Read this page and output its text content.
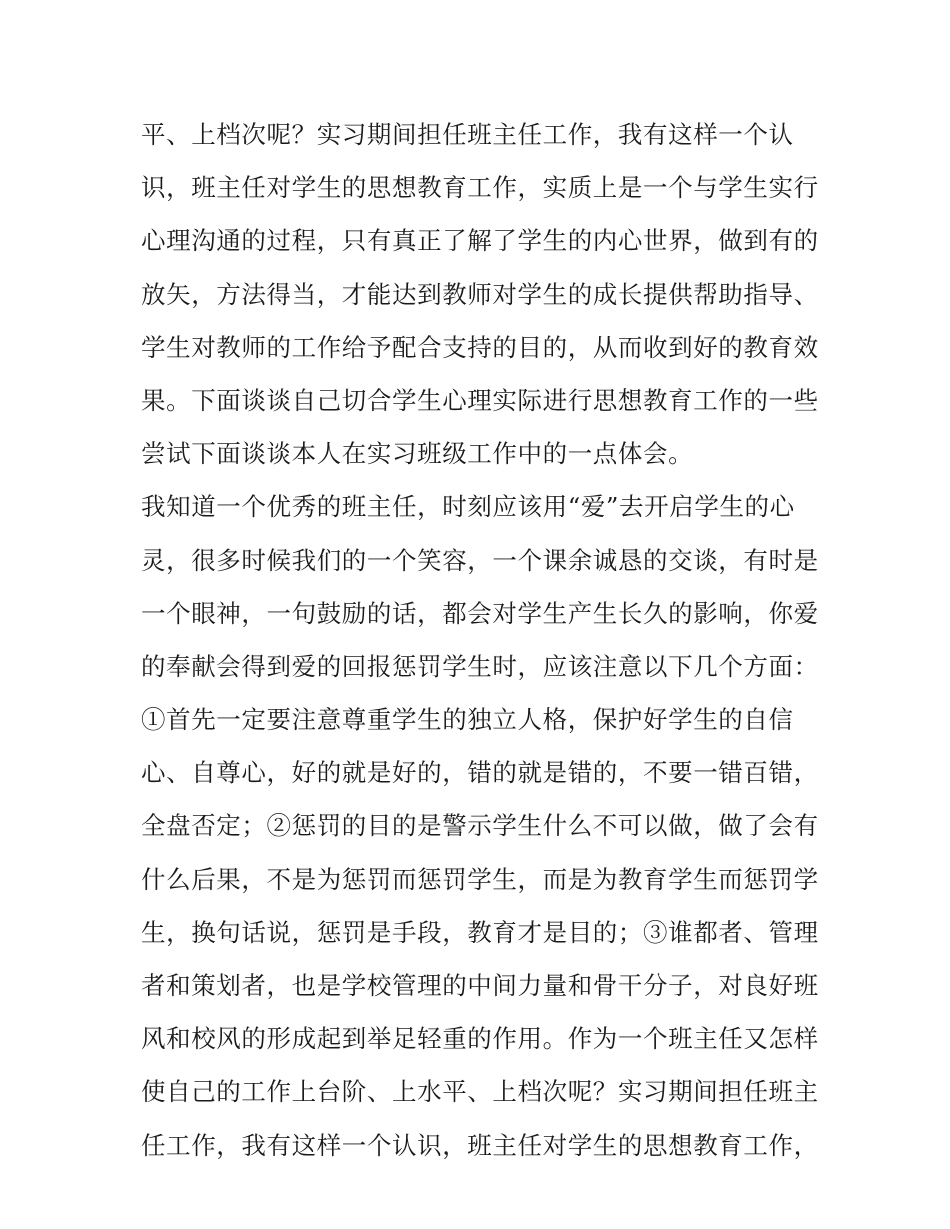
平、上档次呢？实习期间担任班主任工作，我有这样一个认
识，班主任对学生的思想教育工作，实质上是一个与学生实行
心理沟通的过程，只有真正了解了学生的内心世界，做到有的
放矢，方法得当，才能达到教师对学生的成长提供帮助指导、
学生对教师的工作给予配合支持的目的，从而收到好的教育效
果。下面谈谈自己切合学生心理实际进行思想教育工作的一些
尝试下面谈谈本人在实习班级工作中的一点体会。
我知道一个优秀的班主任，时刻应该用“爱”去开启学生的心
灵，很多时候我们的一个笑容，一个课余诚恳的交谈，有时是
一个眼神，一句鼓励的话，都会对学生产生长久的影响，你爱
的奉献会得到爱的回报惩罚学生时，应该注意以下几个方面：
①首先一定要注意尊重学生的独立人格，保护好学生的自信
心、自尊心，好的就是好的，错的就是错的，不要一错百错，
全盘否定；②惩罚的目的是警示学生什么不可以做，做了会有
什么后果，不是为惩罚而惩罚学生，而是为教育学生而惩罚学
生，换句话说，惩罚是手段，教育才是目的；③谁都者、管理
者和策划者，也是学校管理的中间力量和骨干分子，对良好班
风和校风的形成起到举足轻重的作用。作为一个班主任又怎样
使自己的工作上台阶、上水平、上档次呢？实习期间担任班主
任工作，我有这样一个认识，班主任对学生的思想教育工作，
